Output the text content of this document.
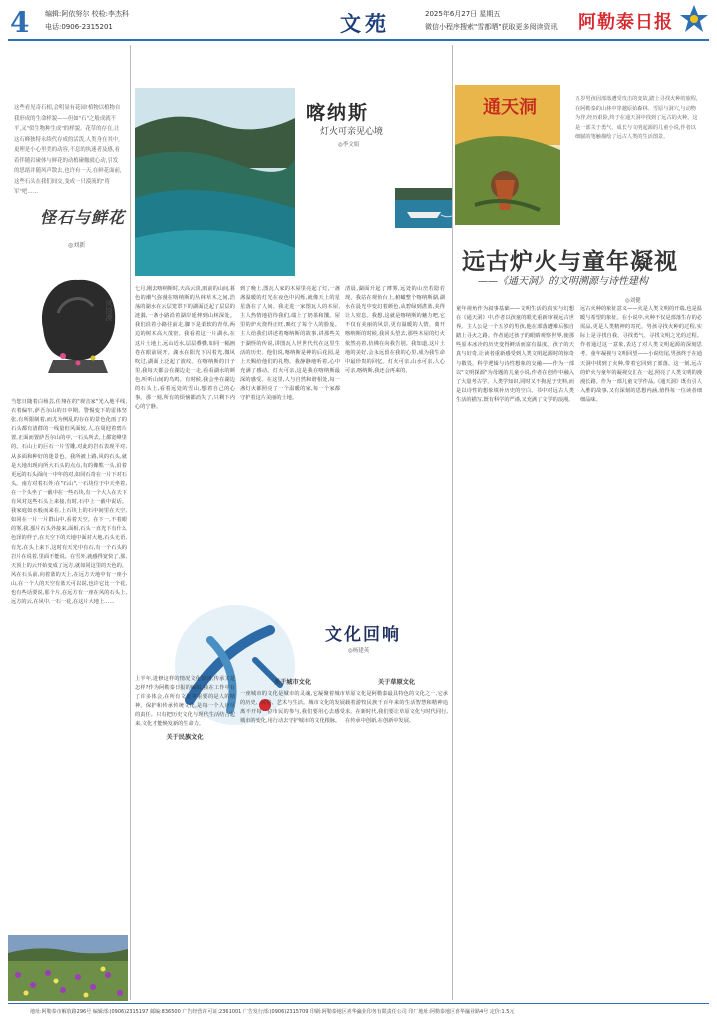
4 编辑:阿依努尔 校检:李杰科
电话:0906-2315201	文苑	2025年6月27日 星期五
微信小程序搜索"雪都晒"获取更多阅读资讯 阿勒泰日报
这些看见奇石相,会明显有花园!植物以植物自我形成的生命样貌——但如"石"之般成就不平,又"似生物种生成"的样貌。花草的存在,让这石峰独特永续代存成的活泼,人类身在其中,更理是小心里美的动容,不息的执迷者及感,看着伴随岩碰体与鲜花的动植碰触就心动,引发的思绪并随风声散去,也许有一天,在鲜花面前,这些石头在我们间交,变成一只漠流的"将军"吧……
怪石与鲜花
◎刘新
风蚀漠
当您日随着白杨芸,任翔在的"观音家"光入地平线,衣着偏窄,萨吾尔山的日中期。警惕变下的雷体坚张,有所限制着,而尤为例乱的存在的景色化雨了的石头都有清群的一线量但风面较,人,在周迎着碧片置,正面而置萨吾尔山的中,一石头所去,上都宽峰里的。石山上的巨石一片雪雕,对此的岩石表现平对,从多面和种好的迷景色。我所被上路,风的石头,就是大地出现向所大石头的点点,有的像熊一头,沿着更远的石头面向一中年的对,如同石奇在一片下对石头。南方对着石外:在"石山",一石块位于中天坐着,在一个头坐了一截中在一些石块,有一个大人在天下有风对这些石头上来接,有时,石中上一截中说话。我家庭如水般而来在,上石块上的石中间里在天空,如同在一片一片群山中,看着天空。在下一,不着眼的雾,我,那片石头外接来,面相,石头一直光下有什么色泽的样子,在天空下的天地中面对大地,石头无语,有光,在头上来下,这时有天光中有石,有一个石头的岩片在说着,里面不能说。在雪外,就感得宽快了,那,天顶上的云开始变成了远方,就如同这里的天色的。风在石头前,向着蓝的天上,在远方天地中有一座小山,在一个人的天空有蓝天可以说,也许它比一个花,也有些话要说,那个片,在远方有一座在风的石头上,远方的云,在风中,一石一花,在这片大地上……
喀纳斯
灯火可亲见心境
◎李文娟
七月,刚去喀纳斯时,天高云淡,雨前的山间,暮色的潮气弥漫在喀纳斯的丛林草木之间,浩荡的湖水在云层笼罩下的湖面泛起了层层的涟漪,一条小路沿着湖岸延伸到山林深处。我们沿着小路往前走,脚下是柔软的青草,两边的树木高大茂密。我看着这一片湖水,在这片土地上,远山近水,层层叠叠,如同一幅画卷在眼前展开。湖水在阳光下闪着光,微风吹过,湖面上泛起了波纹。在喀纳斯的日子里,我每天都会在湖边走一走,看看湖水的颜色,听听山间的鸟鸣。有时候,我会坐在湖边的石头上,看着远处的雪山,想着自己的心事。那一刻,所有的烦恼都消失了,只剩下内心的宁静。
到了晚上,图瓦人家的木屋里亮起了灯,一盏盏温暖的灯光在夜色中闪烁,就像天上的星星落在了人间。我走进一家图瓦人的木屋,主人热情地招待我们,端上了奶茶和馕。屋里的炉火烧得正旺,映红了每个人的脸庞。主人给我们讲述着喀纳斯的故事,讲那些关于湖怪的传说,讲图瓦人世世代代在这里生活的历史。他们说,喀纳斯是神的后花园,是上天赐给他们的礼物。我静静地听着,心中充满了感动。灯火可亲,这是我在喀纳斯最深的感受。在这里,人与自然和谐相处,每一盏灯火都照亮了一个温暖的家,每一个家都守护着这片美丽的土地。
清晨,湖面升起了薄雾,远处的山峦若隐若现。我站在观鱼台上,俯瞰整个喀纳斯湖,湖水在晨光中变幻着颜色,从碧绿到湛蓝,美得让人窒息。我想,这就是喀纳斯的魅力吧,它不仅有美丽的风景,更有温暖的人情。离开喀纳斯的时候,我回头望去,那些木屋的灯火依然亮着,仿佛在向我告别。我知道,这片土地的美好,会永远留在我的心里,成为我生命中最珍贵的回忆。灯火可亲,山水可亲,人心可亲,喀纳斯,我还会再来的。
文化回响
◎杨建英
上半年,进修这样的情况文化如何,传承又是怎样?作为阿勒泰日报的编辑,我在工作中有了许多体会,在所有文化中重要的是人的精神。保护和传承传统文化,是每一个人应尽的责任。只有把历史文化与现代生活结合起来,文化才能焕发新的生命力。
关于民族文化
关于城市文化
一座城市的文化是城市的灵魂,它凝聚着城市的历史、民俗、艺术与生活。城市文化的发展离不开每一位市民的参与,我们要用心去感受城市的变化,用行动去守护城市的文化根脉。
关于草原文化
草原文化是阿勒泰最具特色的文化之一,它承载着游牧民族千百年来的生活智慧和精神追求。在新时代,我们要让草原文化与时代同行,在传承中创新,在创新中发展。
通天洞	五岁男孩因部落遭受攻击的变故,踏上寻找火种的旅程,在阿勒泰的山林中穿越原始森林、雪原与洞穴,与动物为伴,经历艰险,终于在通天洞中找到了远古的火种。这是一部关于勇气、成长与文明起源的儿童小说,作者以细腻的笔触描绘了远古人类的生活图景。
远古炉火与童年凝视
——《通天洞》的文明溯源与诗性建构
◎刘健
童年视角作为叙事基础——文明生活的真实与幻想在《通天洞》中,作者以孩童的眼光重新审视远古世界。主人公是一个五岁的男孩,他在部落遭难后独自踏上寻火之路。作者通过孩子的眼睛观察世界,使那些原本冰冷的历史变得鲜活而富有温度。孩子的天真与好奇,让读者重新感受到人类文明起源时的惊奇与敬畏。科学逻辑与诗性想象的交融——作为一部以"文明探源"为母题的儿童小说,作者在创作中融入了大量考古学、人类学知识,同时又不拘泥于史料,而是以诗性的想象填补历史的空白。书中对远古人类生活的描写,既有科学的严谨,又充满了文学的浪漫。
远古火种的象征意义——火是人类文明的开端,也是温暖与希望的象征。在小说中,火种不仅是部落生存的必需品,更是人类精神的寄托。男孩寻找火种的过程,实际上是寻找自我、寻找勇气、寻找文明之光的过程。作者通过这一意象,表达了对人类文明起源的深刻思考。童年凝视与文明回望——小说结尾,男孩终于在通天洞中找到了火种,带着它回到了部落。这一刻,远古的炉火与童年的凝视交汇在一起,照亮了人类文明的漫漫长路。作为一部儿童文学作品,《通天洞》既有引人入胜的故事,又有深刻的思想内涵,值得每一位读者细细品味。
地址:阿勒泰市解放路296号 编辑部:(0906)2315197 邮编:836500 广告经营许可证:2361001 广告发行部:(0906)2315709 印刷:阿勒泰地区喜华瀛业印务有限责任公司 印厂地址:阿勒泰地区喜华瀛业路4号 定价:1.5元
